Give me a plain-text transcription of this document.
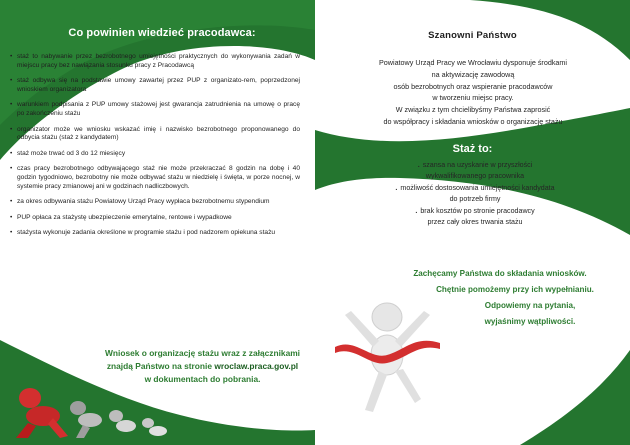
Co powinien wiedzieć pracodawca:
• staż to nabywanie przez bezrobotnego umiejętności praktycznych do wykonywania zadań w miejscu pracy bez nawiązania stosunku pracy z Pracodawcą
• staż odbywa się na podstawie umowy zawartej przez PUP z organizato-rem, poprzedzonej wnioskiem organizatora
• warunkiem podpisania z PUP umowy stażowej jest gwarancja zatrudnienia na umowę o pracę po zakończeniu stażu
• organizator może we wniosku wskazać imię i nazwisko bezrobotnego proponowanego do odbycia stażu (staż z kandydatem)
• staż może trwać od 3 do 12 miesięcy
• czas pracy bezrobotnego odbywającego staż nie może przekraczać 8 godzin na dobę i 40 godzin tygodniowo, bezrobotny nie może odbywać stażu w niedzielę i święta, w porze nocnej, w systemie pracy zmianowej ani w godzinach nadliczbowych.
• za okres odbywania stażu Powiatowy Urząd Pracy wypłaca bezrobotnemu stypendium
• PUP opłaca za stażystę ubezpieczenie emerytalne, rentowe i wypadkowe
• stażysta wykonuje zadania określone w programie stażu i pod nadzorem opiekuna stażu
Wniosek o organizację stażu wraz z załącznikami
znajdą Państwo na stronie wroclaw.praca.gov.pl
w dokumentach do pobrania.
Szanowni Państwo
Powiatowy Urząd Pracy we Wrocławiu dysponuje środkami
na aktywizację zawodową
osób bezrobotnych oraz wspieranie pracodawców
w tworzeniu miejsc pracy.
W związku z tym chcielibyśmy Państwa zaprosić
do współpracy i składania wniosków o organizację stażu
Staż to:
. szansa na uzyskanie w przyszłości
wykwalifikowanego pracownika
. możliwość dostosowania umiejętności kandydata
do potrzeb firmy
. brak kosztów po stronie pracodawcy
przez cały okres trwania stażu
Zachęcamy Państwa do składania wniosków.
Chętnie pomożemy przy ich wypełnianiu.
Odpowiemy na pytania,
wyjaśnimy wątpliwości.
